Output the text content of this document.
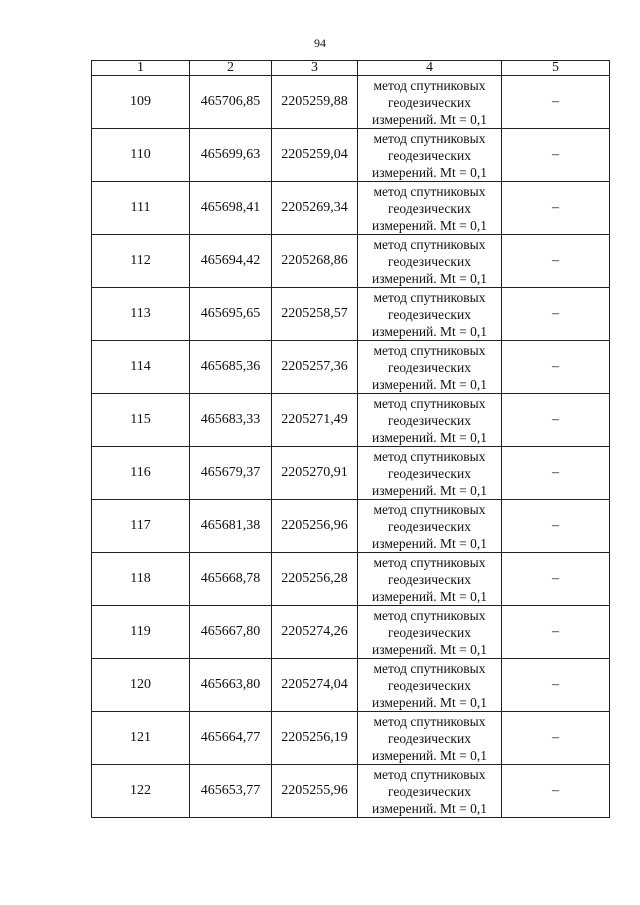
94
1	2	3	4	5
109	465706,85	2205259,88	метод спутниковых
геодезических
измерений. Mt = 0,1	–
110	465699,63	2205259,04	метод спутниковых
геодезических
измерений. Mt = 0,1	–
111	465698,41	2205269,34	метод спутниковых
геодезических
измерений. Mt = 0,1	–
112	465694,42	2205268,86	метод спутниковых
геодезических
измерений. Mt = 0,1	–
113	465695,65	2205258,57	метод спутниковых
геодезических
измерений. Mt = 0,1	–
114	465685,36	2205257,36	метод спутниковых
геодезических
измерений. Mt = 0,1	–
115	465683,33	2205271,49	метод спутниковых
геодезических
измерений. Mt = 0,1	–
116	465679,37	2205270,91	метод спутниковых
геодезических
измерений. Mt = 0,1	–
117	465681,38	2205256,96	метод спутниковых
геодезических
измерений. Mt = 0,1	–
118	465668,78	2205256,28	метод спутниковых
геодезических
измерений. Mt = 0,1	–
119	465667,80	2205274,26	метод спутниковых
геодезических
измерений. Mt = 0,1	–
120	465663,80	2205274,04	метод спутниковых
геодезических
измерений. Mt = 0,1	–
121	465664,77	2205256,19	метод спутниковых
геодезических
измерений. Mt = 0,1	–
122	465653,77	2205255,96	метод спутниковых
геодезических
измерений. Mt = 0,1	–
